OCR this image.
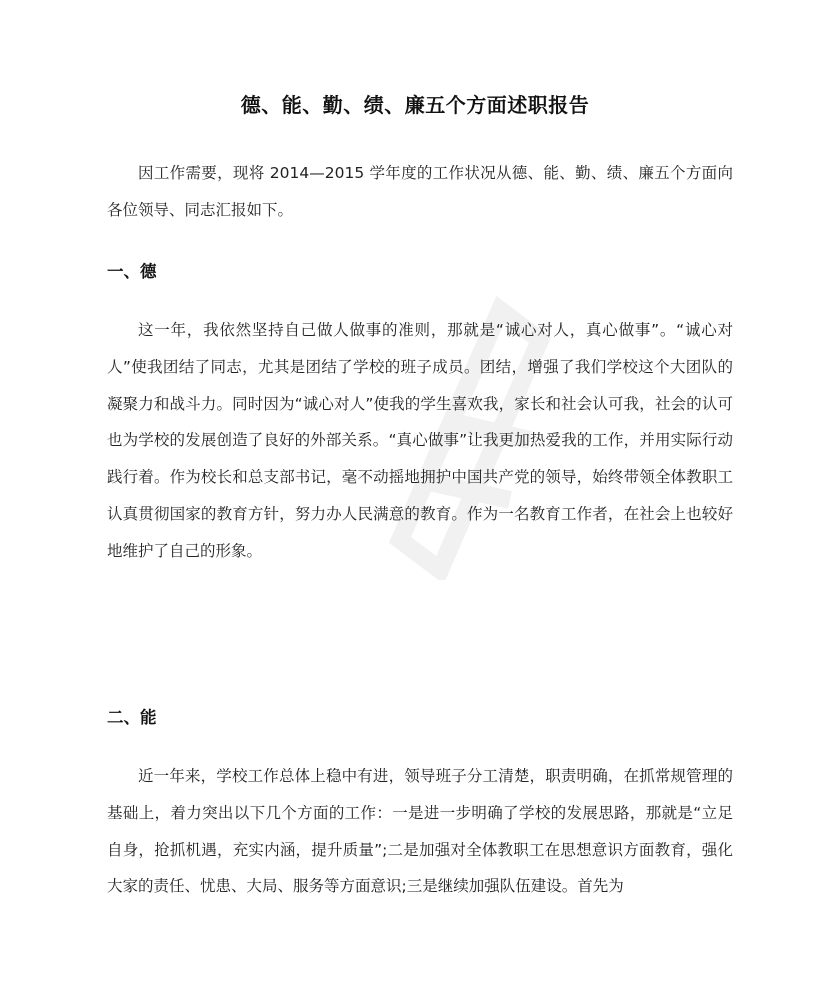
德、能、勤、绩、廉五个方面述职报告
因工作需要，现将 2014—2015 学年度的工作状况从德、能、勤、绩、廉五个方面向各位领导、同志汇报如下。
一、德
这一年，我依然坚持自己做人做事的准则，那就是“诚心对人，真心做事”。“诚心对人”使我团结了同志，尤其是团结了学校的班子成员。团结，增强了我们学校这个大团队的凝聚力和战斗力。同时因为“诚心对人”使我的学生喜欢我，家长和社会认可我，社会的认可也为学校的发展创造了良好的外部关系。“真心做事”让我更加热爱我的工作，并用实际行动践行着。作为校长和总支部书记，毫不动摇地拥护中国共产党的领导，始终带领全体教职工认真贯彻国家的教育方针，努力办人民满意的教育。作为一名教育工作者，在社会上也较好地维护了自己的形象。
二、能
近一年来，学校工作总体上稳中有进，领导班子分工清楚，职责明确，在抓常规管理的基础上，着力突出以下几个方面的工作：一是进一步明确了学校的发展思路，那就是“立足自身，抢抓机遇，充实内涵，提升质量”;二是加强对全体教职工在思想意识方面教育，强化大家的责任、忧患、大局、服务等方面意识;三是继续加强队伍建设。首先为
